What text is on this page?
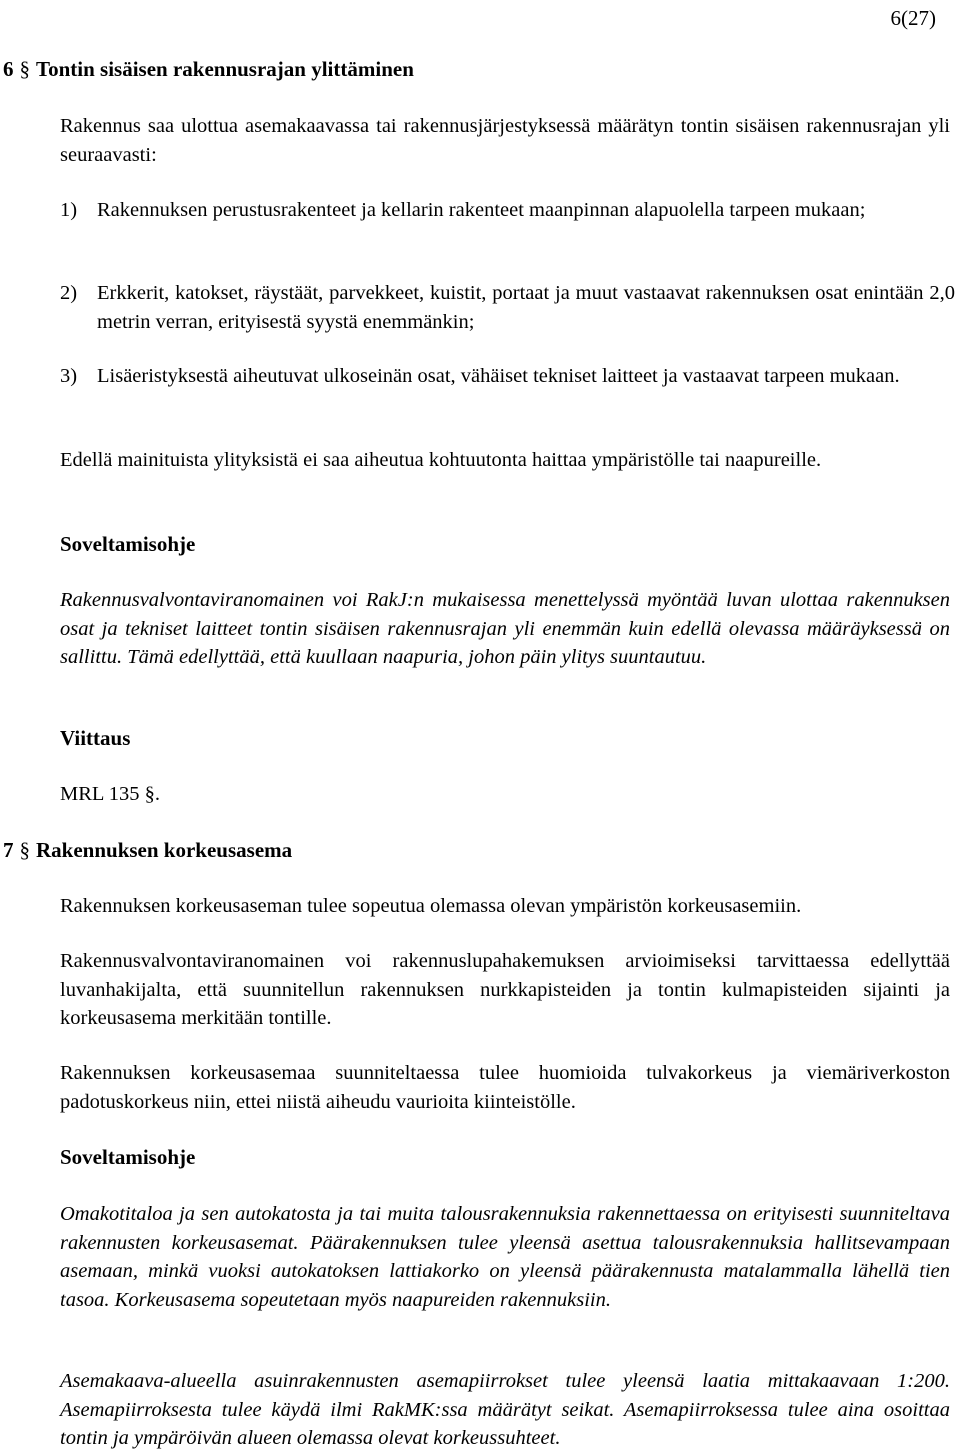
6(27)
6 § Tontin sisäisen rakennusrajan ylittäminen
Rakennus saa ulottua asemakaavassa tai rakennusjärjestyksessä määrätyn tontin sisäisen rakennusrajan yli seuraavasti:
1) Rakennuksen perustusrakenteet ja kellarin rakenteet maanpinnan alapuolella tarpeen mukaan;
2) Erkkerit, katokset, räystäät, parvekkeet, kuistit, portaat ja muut vastaavat rakennuksen osat enintään 2,0 metrin verran, erityisestä syystä enemmänkin;
3) Lisäeristyksestä aiheutuvat ulkoseinän osat, vähäiset tekniset laitteet ja vastaavat tarpeen mukaan.
Edellä mainituista ylityksistä ei saa aiheutua kohtuutonta haittaa ympäristölle tai naapureille.
Soveltamisohje
Rakennusvalvontaviranomainen voi RakJ:n mukaisessa menettelyssä myöntää luvan ulottaa rakennuksen osat ja tekniset laitteet tontin sisäisen rakennusrajan yli enemmän kuin edellä olevassa määräyksessä on sallittu. Tämä edellyttää, että kuullaan naapuria, johon päin ylitys suuntautuu.
Viittaus
MRL 135 §.
7 § Rakennuksen korkeusasema
Rakennuksen korkeusaseman tulee sopeutua olemassa olevan ympäristön korkeusasemiin.
Rakennusvalvontaviranomainen voi rakennuslupahakemuksen arvioimiseksi tarvittaessa edellyttää luvanhakijalta, että suunnitellun rakennuksen nurkkapisteiden ja tontin kulmapisteiden sijainti ja korkeusasema merkitään tontille.
Rakennuksen korkeusasemaa suunniteltaessa tulee huomioida tulvakorkeus ja viemäriverkoston padotuskorkeus niin, ettei niistä aiheudu vaurioita kiinteistölle.
Soveltamisohje
Omakotitaloa ja sen autokatosta ja tai muita talousrakennuksia rakennettaessa on erityisesti suunniteltava rakennusten korkeusasemat. Päärakennuksen tulee yleensä asettua talousrakennuksia hallitsevampaan asemaan, minkä vuoksi autokatoksen lattiakorko on yleensä päärakennusta matalammalla lähellä tien tasoa. Korkeusasema sopeutetaan myös naapureiden rakennuksiin.
Asemakaava-alueella asuinrakennusten asemapiirrokset tulee yleensä laatia mittakaavaan 1:200. Asemapiirroksesta tulee käydä ilmi RakMK:ssa määrätyt seikat. Asemapiirroksessa tulee aina osoittaa tontin ja ympäröivän alueen olemassa olevat korkeussuhteet.
